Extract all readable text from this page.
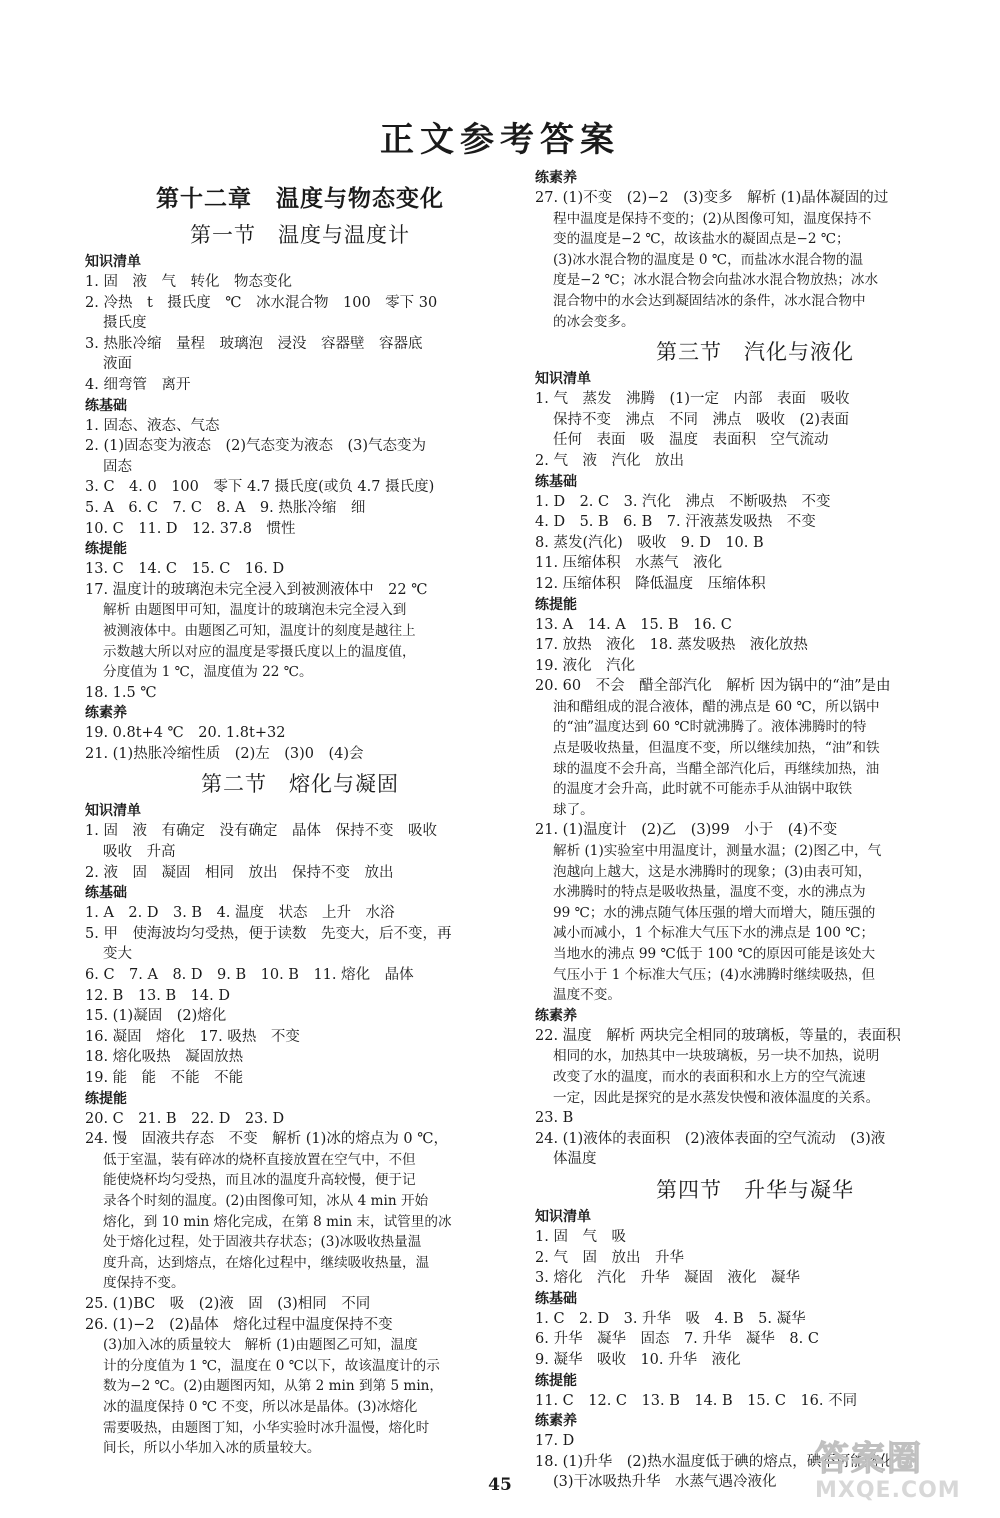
正文参考答案
第十二章　温度与物态变化
第一节　温度与温度计
知识清单
1. 固　液　气　转化　物态变化
2. 冷热　t　摄氏度　℃　冰水混合物　100　零下 30
摄氏度
3. 热胀冷缩　量程　玻璃泡　浸没　容器壁　容器底
液面
4. 细弯管　离开
练基础
1. 固态、液态、气态
2. (1)固态变为液态　(2)气态变为液态　(3)气态变为
固态
3. C　4. 0　100　零下 4.7 摄氏度(或负 4.7 摄氏度)
5. A　6. C　7. C　8. A　9. 热胀冷缩　细
10. C　11. D　12. 37.8　惯性
练提能
13. C　14. C　15. C　16. D
17. 温度计的玻璃泡未完全浸入到被测液体中　22 ℃
解析 由题图甲可知，温度计的玻璃泡未完全浸入到
被测液体中。由题图乙可知，温度计的刻度是越往上
示数越大所以对应的温度是零摄氏度以上的温度值，
分度值为 1 ℃，温度值为 22 ℃。
18. 1.5 ℃
练素养
19. 0.8t+4 ℃　20. 1.8t+32
21. (1)热胀冷缩性质　(2)左　(3)0　(4)会
第二节　熔化与凝固
知识清单
1. 固　液　有确定　没有确定　晶体　保持不变　吸收
吸收　升高
2. 液　固　凝固　相同　放出　保持不变　放出
练基础
1. A　2. D　3. B　4. 温度　状态　上升　水浴
5. 甲　使海波均匀受热，便于读数　先变大，后不变，再
变大
6. C　7. A　8. D　9. B　10. B　11. 熔化　晶体
12. B　13. B　14. D
15. (1)凝固　(2)熔化
16. 凝固　熔化　17. 吸热　不变
18. 熔化吸热　凝固放热
19. 能　能　不能　不能
练提能
20. C　21. B　22. D　23. D
24. 慢　固液共存态　不变　解析 (1)冰的熔点为 0 ℃，
低于室温，装有碎冰的烧杯直接放置在空气中，不但
能使烧杯均匀受热，而且冰的温度升高较慢，便于记
录各个时刻的温度。(2)由图像可知，冰从 4 min 开始
熔化，到 10 min 熔化完成，在第 8 min 末，试管里的冰
处于熔化过程，处于固液共存状态；(3)冰吸收热量温
度升高，达到熔点，在熔化过程中，继续吸收热量，温
度保持不变。
25. (1)BC　吸　(2)液　固　(3)相同　不同
26. (1)−2　(2)晶体　熔化过程中温度保持不变
(3)加入冰的质量较大　解析 (1)由题图乙可知，温度
计的分度值为 1 ℃，温度在 0 ℃以下，故该温度计的示
数为−2 ℃。(2)由题图丙知，从第 2 min 到第 5 min，
冰的温度保持 0 ℃ 不变，所以冰是晶体。(3)冰熔化
需要吸热，由题图丁知，小华实验时冰升温慢，熔化时
间长，所以小华加入冰的质量较大。
练素养
27. (1)不变　(2)−2　(3)变多　解析 (1)晶体凝固的过
程中温度是保持不变的；(2)从图像可知，温度保持不
变的温度是−2 ℃，故该盐水的凝固点是−2 ℃；
(3)冰水混合物的温度是 0 ℃，而盐冰水混合物的温
度是−2 ℃；冰水混合物会向盐冰水混合物放热；冰水
混合物中的水会达到凝固结冰的条件，冰水混合物中
的冰会变多。
第三节　汽化与液化
知识清单
1. 气　蒸发　沸腾　(1)一定　内部　表面　吸收
保持不变　沸点　不同　沸点　吸收　(2)表面
任何　表面　吸　温度　表面积　空气流动
2. 气　液　汽化　放出
练基础
1. D　2. C　3. 汽化　沸点　不断吸热　不变
4. D　5. B　6. B　7. 汗液蒸发吸热　不变
8. 蒸发(汽化)　吸收　9. D　10. B
11. 压缩体积　水蒸气　液化
12. 压缩体积　降低温度　压缩体积
练提能
13. A　14. A　15. B　16. C
17. 放热　液化　18. 蒸发吸热　液化放热
19. 液化　汽化
20. 60　不会　醋全部汽化　解析 因为锅中的“油”是由
油和醋组成的混合液体，醋的沸点是 60 ℃，所以锅中
的“油”温度达到 60 ℃时就沸腾了。液体沸腾时的特
点是吸收热量，但温度不变，所以继续加热，“油”和铁
球的温度不会升高，当醋全部汽化后，再继续加热，油
的温度才会升高，此时就不可能赤手从油锅中取铁
球了。
21. (1)温度计　(2)乙　(3)99　小于　(4)不变
解析 (1)实验室中用温度计，测量水温；(2)图乙中，气
泡越向上越大，这是水沸腾时的现象；(3)由表可知，
水沸腾时的特点是吸收热量，温度不变，水的沸点为
99 ℃；水的沸点随气体压强的增大而增大，随压强的
减小而减小，1 个标准大气压下水的沸点是 100 ℃；
当地水的沸点 99 ℃低于 100 ℃的原因可能是该处大
气压小于 1 个标准大气压；(4)水沸腾时继续吸热，但
温度不变。
练素养
22. 温度　解析 两块完全相同的玻璃板，等量的，表面积
相同的水，加热其中一块玻璃板，另一块不加热，说明
改变了水的温度，而水的表面积和水上方的空气流速
一定，因此是探究的是水蒸发快慢和液体温度的关系。
23. B
24. (1)液体的表面积　(2)液体表面的空气流动　(3)液
体温度
第四节　升华与凝华
知识清单
1. 固　气　吸
2. 气　固　放出　升华
3. 熔化　汽化　升华　凝固　液化　凝华
练基础
1. C　2. D　3. 升华　吸　4. B　5. 凝华
6. 升华　凝华　固态　7. 升华　凝华　8. C
9. 凝华　吸收　10. 升华　液化
练提能
11. C　12. C　13. B　14. B　15. C　16. 不同
练素养
17. D
18. (1)升华　(2)热水温度低于碘的熔点，碘不可能熔化
(3)干冰吸热升华　水蒸气遇冷液化
45
答案圈
MXQE.COM
